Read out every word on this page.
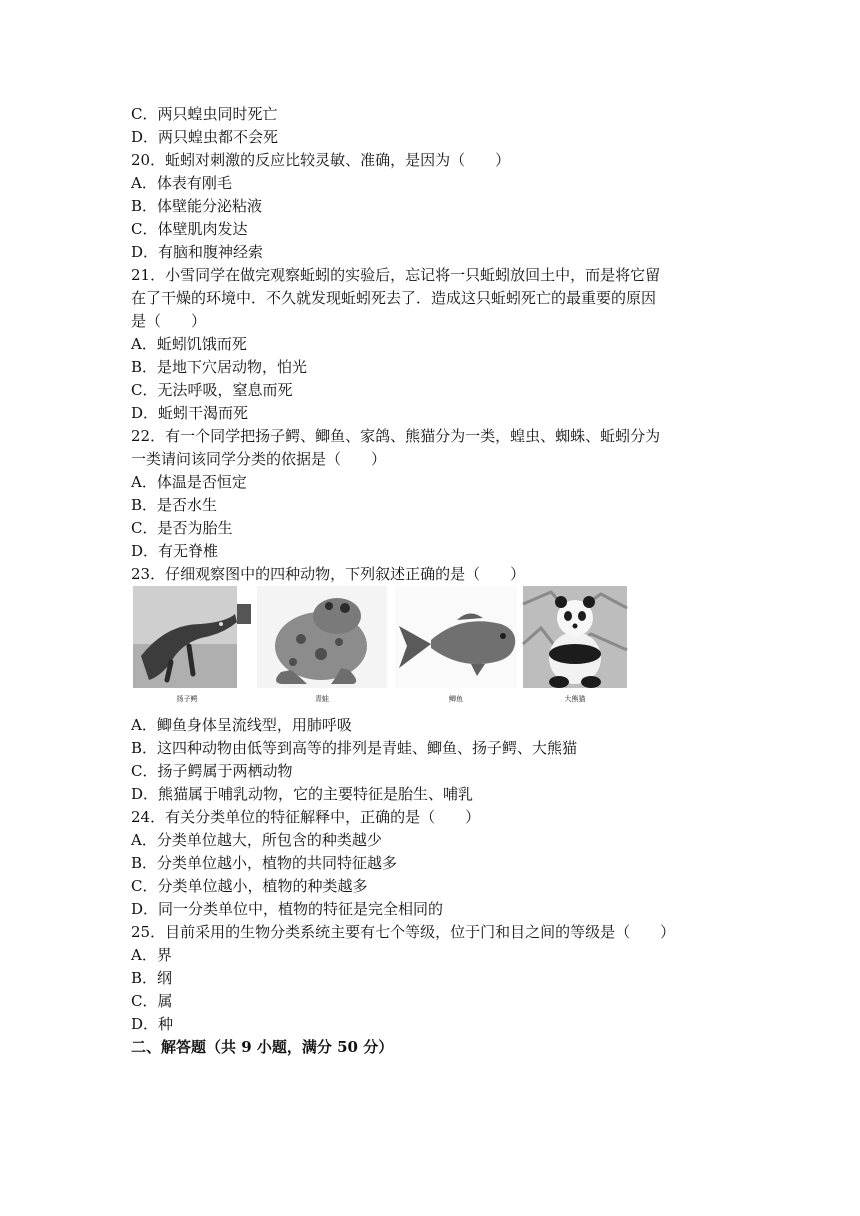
C．两只蝗虫同时死亡
D．两只蝗虫都不会死
20．蚯蚓对刺激的反应比较灵敏、准确，是因为（　　）
A．体表有刚毛
B．体壁能分泌粘液
C．体壁肌肉发达
D．有脑和腹神经索
21．小雪同学在做完观察蚯蚓的实验后，忘记将一只蚯蚓放回土中，而是将它留
在了干燥的环境中．不久就发现蚯蚓死去了．造成这只蚯蚓死亡的最重要的原因
是（　　）
A．蚯蚓饥饿而死
B．是地下穴居动物，怕光
C．无法呼吸，窒息而死
D．蚯蚓干渴而死
22．有一个同学把扬子鳄、鲫鱼、家鸽、熊猫分为一类，蝗虫、蜘蛛、蚯蚓分为
一类请问该同学分类的依据是（　　）
A．体温是否恒定
B．是否水生
C．是否为胎生
D．有无脊椎
23．仔细观察图中的四种动物，下列叙述正确的是（　　）
扬子鳄	青蛙	鲫鱼	大熊猫
A．鲫鱼身体呈流线型，用肺呼吸
B．这四种动物由低等到高等的排列是青蛙、鲫鱼、扬子鳄、大熊猫
C．扬子鳄属于两栖动物
D．熊猫属于哺乳动物，它的主要特征是胎生、哺乳
24．有关分类单位的特征解释中，正确的是（　　）
A．分类单位越大，所包含的种类越少
B．分类单位越小，植物的共同特征越多
C．分类单位越小，植物的种类越多
D．同一分类单位中，植物的特征是完全相同的
25．目前采用的生物分类系统主要有七个等级，位于门和目之间的等级是（　　）
A．界
B．纲
C．属
D．种
二、解答题（共 9 小题，满分 50 分）
